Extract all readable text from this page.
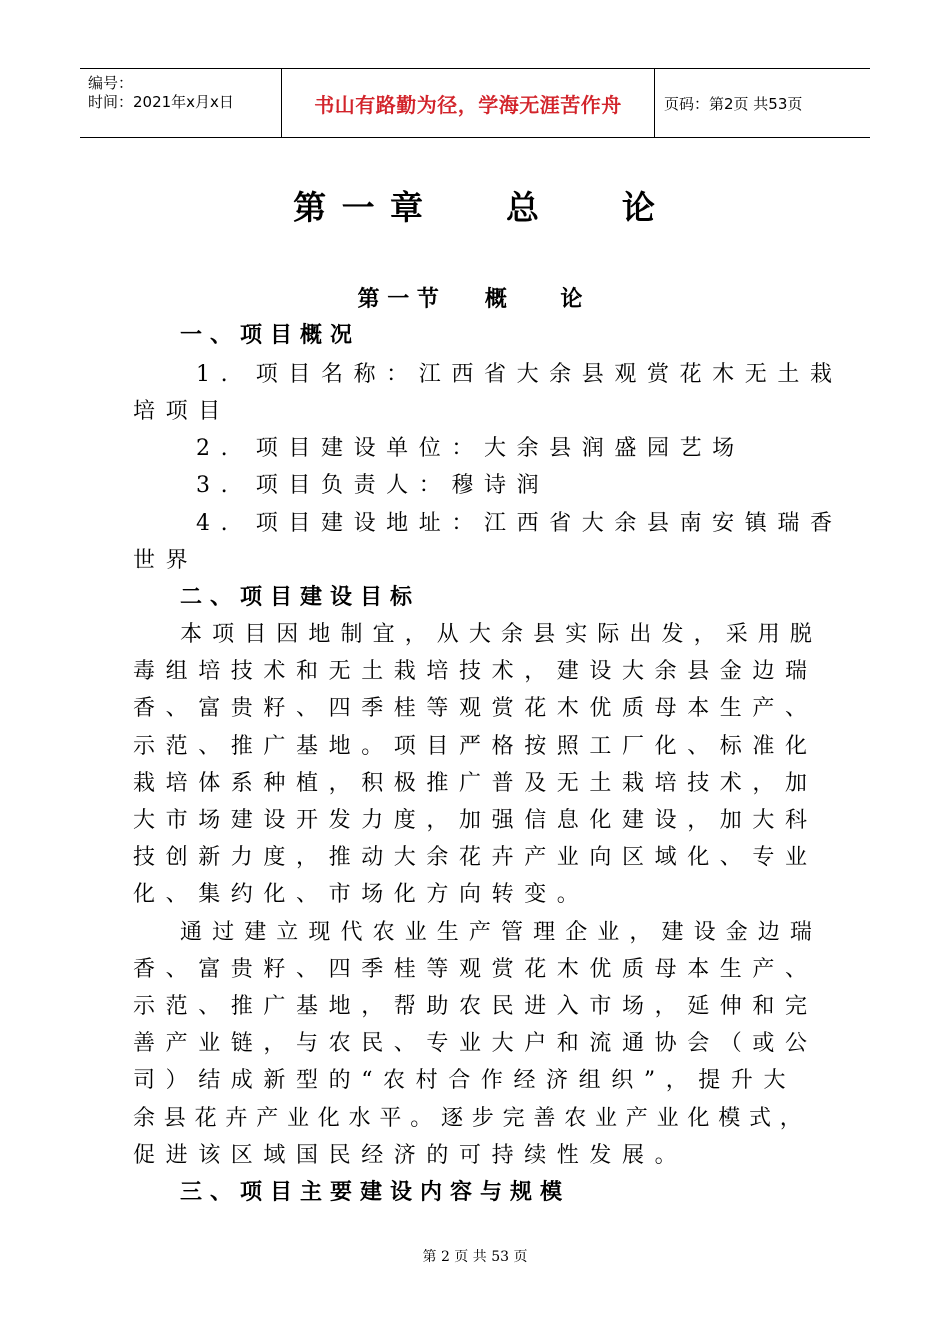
编号：
时间：2021年x月x日	书山有路勤为径，学海无涯苦作舟	页码：第2页 共53页
第 一 章      总      论
第 一 节      概       论
一、项目概况
1. 项目名称：江西省大余县观赏花木无土栽
培项目
2. 项目建设单位：大余县润盛园艺场
3. 项目负责人：穆诗润
4. 项目建设地址：江西省大余县南安镇瑞香
世界
二、项目建设目标
本项目因地制宜，从大余县实际出发，采用脱
毒组培技术和无土栽培技术，建设大余县金边瑞
香、富贵籽、四季桂等观赏花木优质母本生产、
示范、推广基地。项目严格按照工厂化、标准化
栽培体系种植，积极推广普及无土栽培技术，加
大市场建设开发力度，加强信息化建设，加大科
技创新力度，推动大余花卉产业向区域化、专业
化、集约化、市场化方向转变。
通过建立现代农业生产管理企业，建设金边瑞
香、富贵籽、四季桂等观赏花木优质母本生产、
示范、推广基地，帮助农民进入市场，延伸和完
善产业链，与农民、专业大户和流通协会（或公
司）结成新型的“农村合作经济组织”，提升大
余县花卉产业化水平。逐步完善农业产业化模式，
促进该区域国民经济的可持续性发展。
三、项目主要建设内容与规模
第 2 页 共 53 页
